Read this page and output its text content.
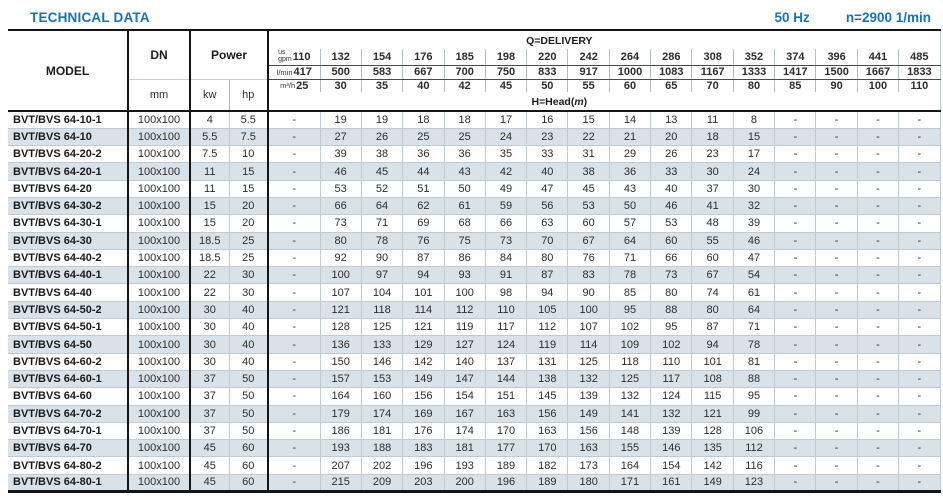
TECHNICAL DATA	50 Hz	n=2900 1/min
MODEL	DN	Power		Q=DELIVERY															

				us
gpm 110	132	154	176	185	198	220	242	264	286	308	352	374	396	441	485

				l/min 417	500	583	667	700	750	833	917	1000	1083	1167	1333	1417	1500	1667	1833
	mm	kw	hp	m³/h 25	30	35	40	42	45	50	55	60	65	70	80	85	90	100	110
				H=Head(m)															
BVT/BVS 64-10-1	100x100	4	5.5	-	19	19	18	18	17	16	15	14	13	11	8	-	-	-	-
BVT/BVS 64-10	100x100	5.5	7.5	-	27	26	25	25	24	23	22	21	20	18	15	-	-	-	-
BVT/BVS 64-20-2	100x100	7.5	10	-	39	38	36	36	35	33	31	29	26	23	17	-	-	-	-
BVT/BVS 64-20-1	100x100	11	15	-	46	45	44	43	42	40	38	36	33	30	24	-	-	-	-
BVT/BVS 64-20	100x100	11	15	-	53	52	51	50	49	47	45	43	40	37	30	-	-	-	-
BVT/BVS 64-30-2	100x100	15	20	-	66	64	62	61	59	56	53	50	46	41	32	-	-	-	-
BVT/BVS 64-30-1	100x100	15	20	-	73	71	69	68	66	63	60	57	53	48	39	-	-	-	-
BVT/BVS 64-30	100x100	18.5	25	-	80	78	76	75	73	70	67	64	60	55	46	-	-	-	-
BVT/BVS 64-40-2	100x100	18.5	25	-	92	90	87	86	84	80	76	71	66	60	47	-	-	-	-
BVT/BVS 64-40-1	100x100	22	30	-	100	97	94	93	91	87	83	78	73	67	54	-	-	-	-
BVT/BVS 64-40	100x100	22	30	-	107	104	101	100	98	94	90	85	80	74	61	-	-	-	-
BVT/BVS 64-50-2	100x100	30	40	-	121	118	114	112	110	105	100	95	88	80	64	-	-	-	-
BVT/BVS 64-50-1	100x100	30	40	-	128	125	121	119	117	112	107	102	95	87	71	-	-	-	-
BVT/BVS 64-50	100x100	30	40	-	136	133	129	127	124	119	114	109	102	94	78	-	-	-	-
BVT/BVS 64-60-2	100x100	30	40	-	150	146	142	140	137	131	125	118	110	101	81	-	-	-	-
BVT/BVS 64-60-1	100x100	37	50	-	157	153	149	147	144	138	132	125	117	108	88	-	-	-	-
BVT/BVS 64-60	100x100	37	50	-	164	160	156	154	151	145	139	132	124	115	95	-	-	-	-
BVT/BVS 64-70-2	100x100	37	50	-	179	174	169	167	163	156	149	141	132	121	99	-	-	-	-
BVT/BVS 64-70-1	100x100	37	50	-	186	181	176	174	170	163	156	148	139	128	106	-	-	-	-
BVT/BVS 64-70	100x100	45	60	-	193	188	183	181	177	170	163	155	146	135	112	-	-	-	-
BVT/BVS 64-80-2	100x100	45	60	-	207	202	196	193	189	182	173	164	154	142	116	-	-	-	-
BVT/BVS 64-80-1	100x100	45	60	-	215	209	203	200	196	189	180	171	161	149	123	-	-	-	-
